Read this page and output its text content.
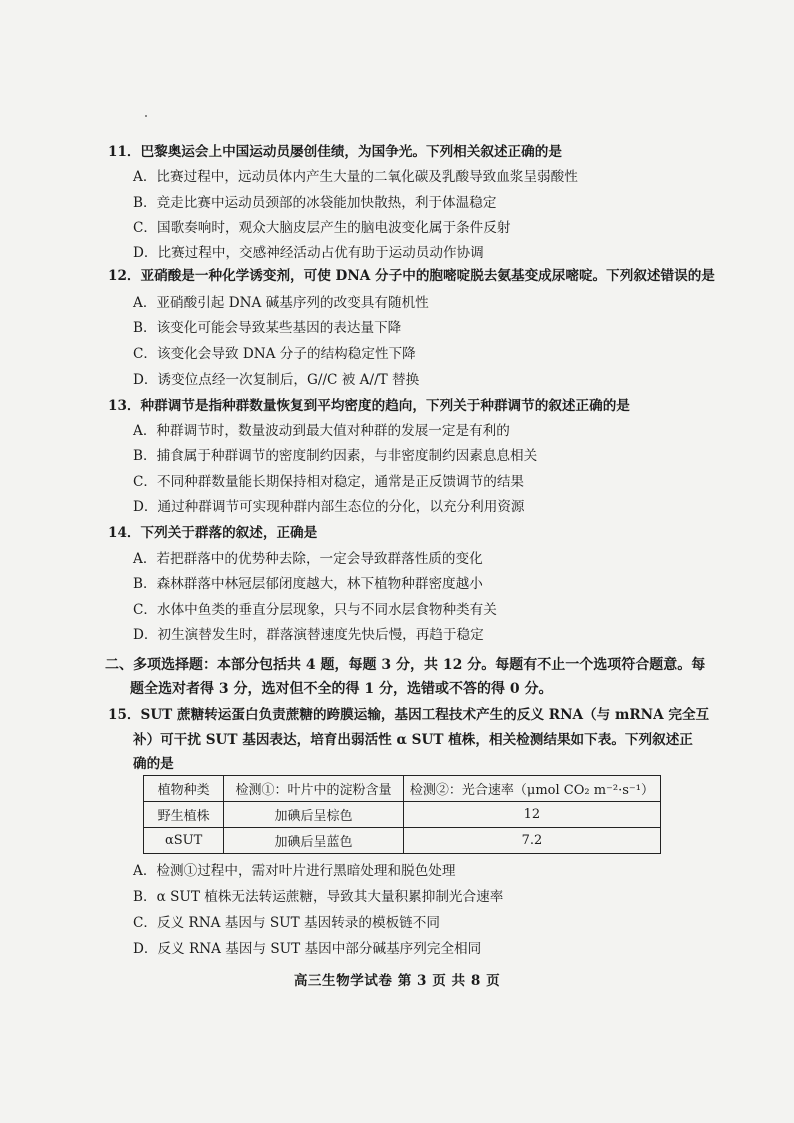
11．巴黎奥运会上中国运动员屡创佳绩，为国争光。下列相关叙述正确的是
A．比赛过程中，远动员体内产生大量的二氧化碳及乳酸导致血浆呈弱酸性
B．竞走比赛中运动员颈部的冰袋能加快散热，利于体温稳定
C．国歌奏响时，观众大脑皮层产生的脑电波变化属于条件反射
D．比赛过程中，交感神经活动占优有助于运动员动作协调
12．亚硝酸是一种化学诱变剂，可使 DNA 分子中的胞嘧啶脱去氨基变成尿嘧啶。下列叙述错误的是
A．亚硝酸引起 DNA 碱基序列的改变具有随机性
B．该变化可能会导致某些基因的表达量下降
C．该变化会导致 DNA 分子的结构稳定性下降
D．诱变位点经一次复制后，G//C 被 A//T 替换
13．种群调节是指种群数量恢复到平均密度的趋向，下列关于种群调节的叙述正确的是
A．种群调节时，数量波动到最大值对种群的发展一定是有利的
B．捕食属于种群调节的密度制约因素，与非密度制约因素息息相关
C．不同种群数量能长期保持相对稳定，通常是正反馈调节的结果
D．通过种群调节可实现种群内部生态位的分化，以充分利用资源
14．下列关于群落的叙述，正确是
A．若把群落中的优势种去除，一定会导致群落性质的变化
B．森林群落中林冠层郁闭度越大，林下植物种群密度越小
C．水体中鱼类的垂直分层现象，只与不同水层食物种类有关
D．初生演替发生时，群落演替速度先快后慢，再趋于稳定
二、多项选择题：本部分包括共 4 题，每题 3 分，共 12 分。每题有不止一个选项符合题意。每
题全选对者得 3 分，选对但不全的得 1 分，选错或不答的得 0 分。
15．SUT 蔗糖转运蛋白负责蔗糖的跨膜运输，基因工程技术产生的反义 RNA（与 mRNA 完全互
补）可干扰 SUT 基因表达，培育出弱活性 α SUT 植株，相关检测结果如下表。下列叙述正
确的是
植物种类	检测①：叶片中的淀粉含量	检测②：光合速率（μmol CO₂ m⁻²·s⁻¹）
野生植株	加碘后呈棕色	12
αSUT	加碘后呈蓝色	7.2
A．检测①过程中，需对叶片进行黑暗处理和脱色处理
B．α SUT 植株无法转运蔗糖，导致其大量积累抑制光合速率
C．反义 RNA 基因与 SUT 基因转录的模板链不同
D．反义 RNA 基因与 SUT 基因中部分碱基序列完全相同
高三生物学试卷 第 3 页 共 8 页
